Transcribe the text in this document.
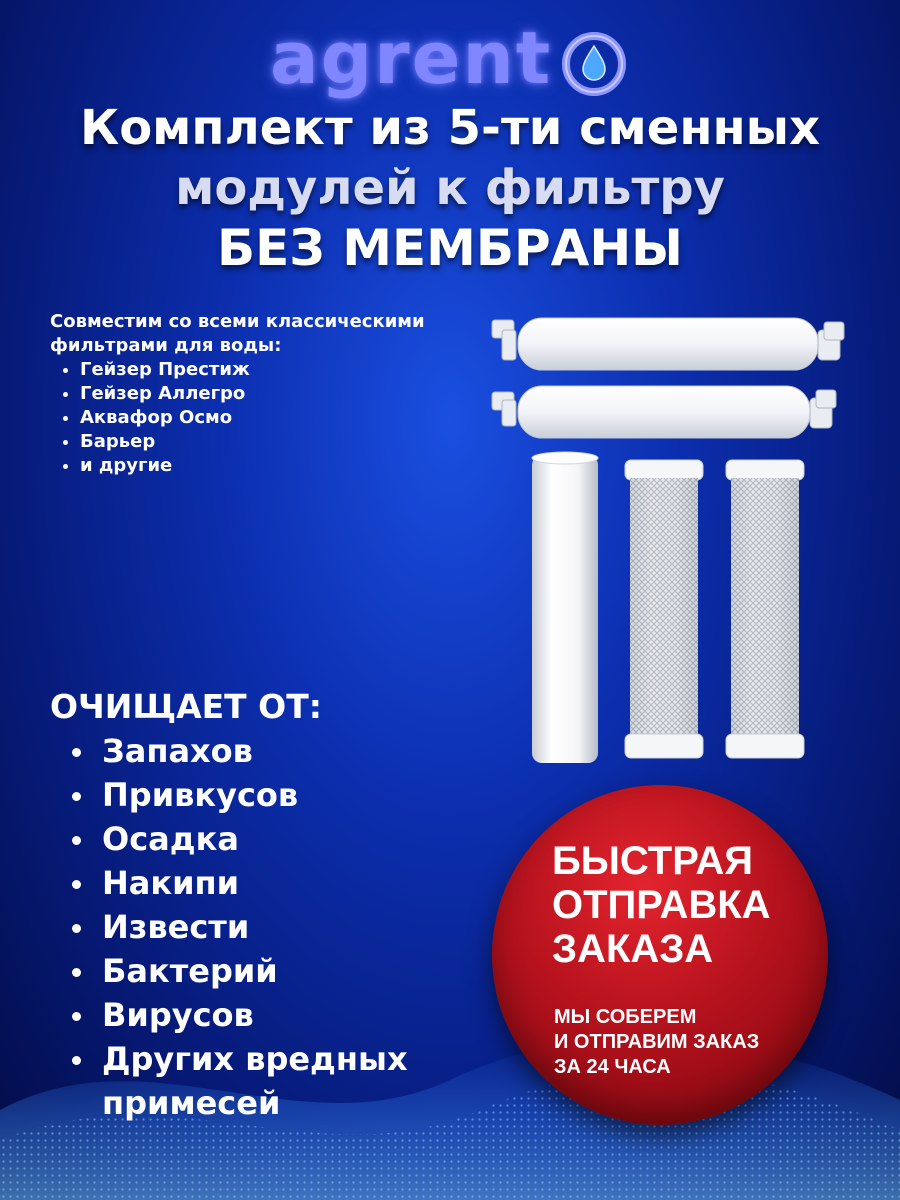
agrent
Комплект из 5-ти сменных
модулей к фильтру
БЕЗ МЕМБРАНЫ
Совместим со всеми классическими фильтрами для воды:
• Гейзер Престиж
• Гейзер Аллегро
• Аквафор Осмо
• Барьер
• и другие
ОЧИЩАЕТ ОТ:
Запахов
Привкусов
Осадка
Накипи
Извести
Бактерий
Вирусов
Других вредных примесей
БЫСТРАЯ
ОТПРАВКА
ЗАКАЗА
МЫ СОБЕРЕМ
И ОТПРАВИМ ЗАКАЗ
ЗА 24 ЧАСА
